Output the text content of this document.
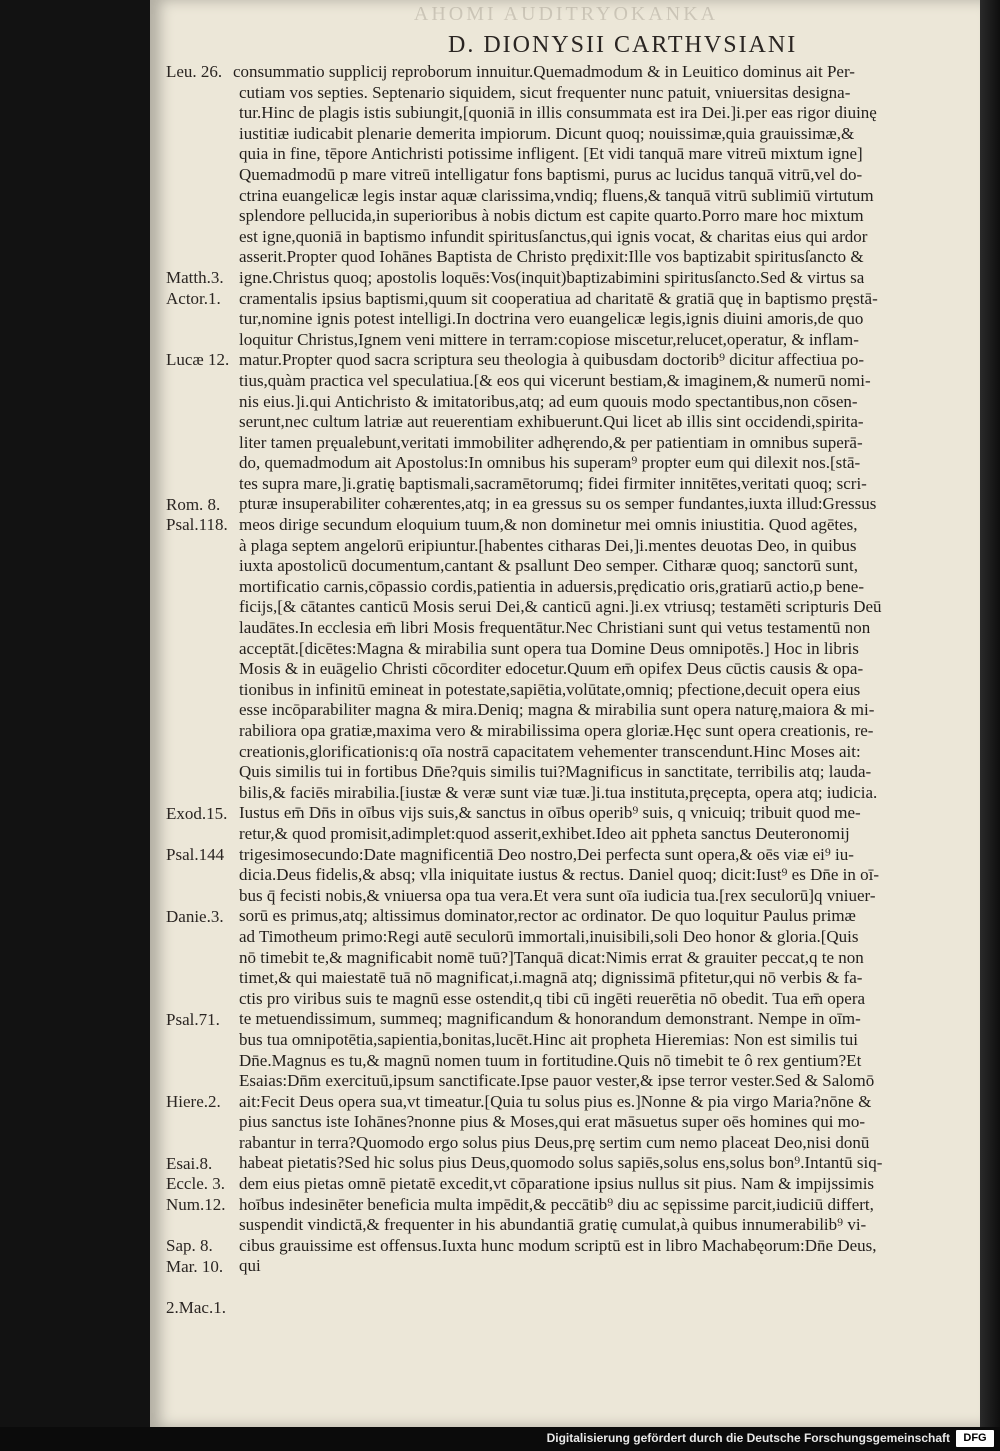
AHOMI AUDITRYOKANKA
D. DIONYSII CARTHVSIANI
Leu. 26.
Matth.3.
Actor.1.
Lucæ 12.
Rom. 8.
Psal.118.
Exod.15.
Psal.144
Danie.3.
Psal.71.
Hiere.2.
Esai.8.
Eccle. 3.
Num.12.
Sap. 8.
Mar. 10.
2.Mac.1.
consummatio supplicij reproborum innuitur.Quemadmodum & in Leuitico dominus ait Per-
cutiam vos septies. Septenario siquidem, sicut frequenter nunc patuit, vniuersitas designa-
tur.Hinc de plagis istis subiungit,[quoniā in illis consummata est ira Dei.]i.per eas rigor diuinę
iustitiæ iudicabit plenarie demerita impiorum. Dicunt quoq; nouissimæ,quia grauissimæ,&
quia in fine, tēpore Antichristi potissime infligent. [Et vidi tanquā mare vitreū mixtum igne]
Quemadmodū p mare vitreū intelligatur fons baptismi, purus ac lucidus tanquā vitrū,vel do-
ctrina euangelicæ legis instar aquæ clarissima,vndiq; fluens,& tanquā vitrū sublimiū virtutum
splendore pellucida,in superioribus à nobis dictum est capite quarto.Porro mare hoc mixtum
est igne,quoniā in baptismo infundit spiritusſanctus,qui ignis vocat, & charitas eius qui ardor
asserit.Propter quod Iohānes Baptista de Christo prędixit:Ille vos baptizabit spiritusſancto &
igne.Christus quoq; apostolis loquēs:Vos(inquit)baptizabimini spiritusſancto.Sed & virtus sa
cramentalis ipsius baptismi,quum sit cooperatiua ad charitatē & gratiā quę in baptismo pręstā-
tur,nomine ignis potest intelligi.In doctrina vero euangelicæ legis,ignis diuini amoris,de quo
loquitur Christus,Ignem veni mittere in terram:copiose miscetur,relucet,operatur, & inflam-
matur.Propter quod sacra scriptura seu theologia à quibusdam doctorib⁹ dicitur affectiua po-
tius,quàm practica vel speculatiua.[& eos qui vicerunt bestiam,& imaginem,& numerū nomi-
nis eius.]i.qui Antichristo & imitatoribus,atq; ad eum quouis modo spectantibus,non cōsen-
serunt,nec cultum latriæ aut reuerentiam exhibuerunt.Qui licet ab illis sint occidendi,spirita-
liter tamen pręualebunt,veritati immobiliter adhęrendo,& per patientiam in omnibus superā-
do, quemadmodum ait Apostolus:In omnibus his superam⁹ propter eum qui dilexit nos.[stā-
tes supra mare,]i.gratię baptismali,sacramētorumq; fidei firmiter innitētes,veritati quoq; scri-
pturæ insuperabiliter cohærentes,atq; in ea gressus su os semper fundantes,iuxta illud:Gressus
meos dirige secundum eloquium tuum,& non dominetur mei omnis iniustitia. Quod agētes,
à plaga septem angelorū eripiuntur.[habentes citharas Dei,]i.mentes deuotas Deo, in quibus
iuxta apostolicū documentum,cantant & psallunt Deo semper. Citharæ quoq; sanctorū sunt,
mortificatio carnis,cōpassio cordis,patientia in aduersis,prędicatio oris,gratiarū actio,p bene-
ficijs,[& cātantes canticū Mosis serui Dei,& canticū agni.]i.ex vtriusq; testamēti scripturis Deū
laudātes.In ecclesia em̄ libri Mosis frequentātur.Nec Christiani sunt qui vetus testamentū non
acceptāt.[dicētes:Magna & mirabilia sunt opera tua Domine Deus omnipotēs.] Hoc in libris
Mosis & in euāgelio Christi cōcorditer edocetur.Quum em̄ opifex Deus cūctis causis & opa-
tionibus in infinitū emineat in potestate,sapiētia,volūtate,omniq; pfectione,decuit opera eius
esse incōparabiliter magna & mira.Deniq; magna & mirabilia sunt opera naturę,maiora & mi-
rabiliora opa gratiæ,maxima vero & mirabilissima opera gloriæ.Hęc sunt opera creationis, re-
creationis,glorificationis:q oīa nostrā capacitatem vehementer transcendunt.Hinc Moses ait:
Quis similis tui in fortibus Dn̄e?quis similis tui?Magnificus in sanctitate, terribilis atq; lauda-
bilis,& faciēs mirabilia.[iustæ & veræ sunt viæ tuæ.]i.tua instituta,pręcepta, opera atq; iudicia.
Iustus em̄ Dn̄s in oībus vijs suis,& sanctus in oībus operib⁹ suis, q vnicuiq; tribuit quod me-
retur,& quod promisit,adimplet:quod asserit,exhibet.Ideo ait ppheta sanctus Deuteronomij
trigesimosecundo:Date magnificentiā Deo nostro,Dei perfecta sunt opera,& oēs viæ ei⁹ iu-
dicia.Deus fidelis,& absq; vlla iniquitate iustus & rectus. Daniel quoq; dicit:Iust⁹ es Dn̄e in oī-
bus q̄ fecisti nobis,& vniuersa opa tua vera.Et vera sunt oīa iudicia tua.[rex seculorū]q vniuer-
sorū es primus,atq; altissimus dominator,rector ac ordinator. De quo loquitur Paulus primæ
ad Timotheum primo:Regi autē seculorū immortali,inuisibili,soli Deo honor & gloria.[Quis
nō timebit te,& magnificabit nomē tuū?]Tanquā dicat:Nimis errat & grauiter peccat,q te non
timet,& qui maiestatē tuā nō magnificat,i.magnā atq; dignissimā pfitetur,qui nō verbis & fa-
ctis pro viribus suis te magnū esse ostendit,q tibi cū ingēti reuerētia nō obedit. Tua em̄ opera
te metuendissimum, summeq; magnificandum & honorandum demonstrant. Nempe in oīm-
bus tua omnipotētia,sapientia,bonitas,lucēt.Hinc ait propheta Hieremias: Non est similis tui
Dn̄e.Magnus es tu,& magnū nomen tuum in fortitudine.Quis nō timebit te ô rex gentium?Et
Esaias:Dn̄m exercituū,ipsum sanctificate.Ipse pauor vester,& ipse terror vester.Sed & Salomō
ait:Fecit Deus opera sua,vt timeatur.[Quia tu solus pius es.]Nonne & pia virgo Maria?nōne &
pius sanctus iste Iohānes?nonne pius & Moses,qui erat māsuetus super oēs homines qui mo-
rabantur in terra?Quomodo ergo solus pius Deus,prę sertim cum nemo placeat Deo,nisi donū
habeat pietatis?Sed hic solus pius Deus,quomodo solus sapiēs,solus ens,solus bon⁹.Intantū siq-
dem eius pietas omnē pietatē excedit,vt cōparatione ipsius nullus sit pius. Nam & impijssimis
hoībus indesinēter beneficia multa impēdit,& peccātib⁹ diu ac sępissime parcit,iudiciū differt,
suspendit vindictā,& frequenter in his abundantiā gratię cumulat,à quibus innumerabilib⁹ vi-
cibus grauissime est offensus.Iuxta hunc modum scriptū est in libro Machabęorum:Dn̄e Deus,
qui
Digitalisierung gefördert durch die Deutsche Forschungsgemeinschaft	DFG
